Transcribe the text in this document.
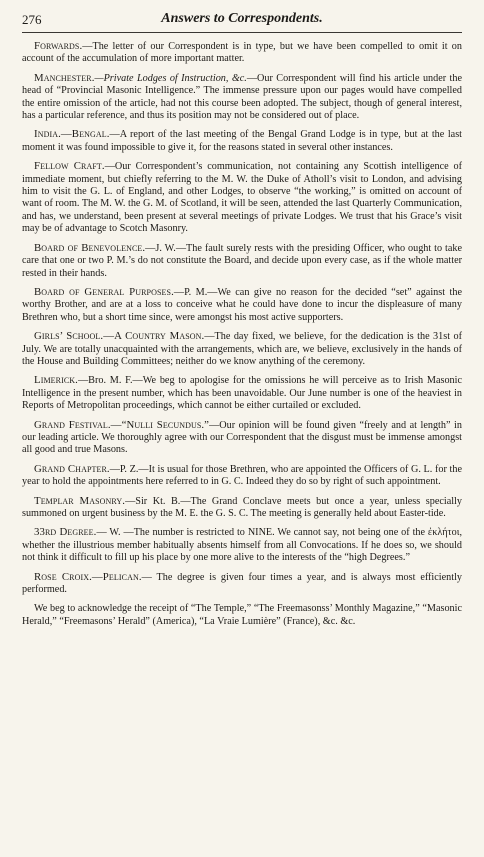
276	Answers to Correspondents.

Forwards.—The letter of our Correspondent is in type, but we have been compelled to omit it on account of the accumulation of more important matter.

Manchester.—Private Lodges of Instruction, &c.—Our Correspondent will find his article under the head of “Provincial Masonic Intelligence.” The immense pressure upon our pages would have compelled the entire omission of the article, had not this course been adopted. The subject, though of general interest, has a particular reference, and thus its position may not be considered out of place.

India.—Bengal.—A report of the last meeting of the Bengal Grand Lodge is in type, but at the last moment it was found impossible to give it, for the reasons stated in several other instances.

Fellow Craft.—Our Correspondent’s communication, not containing any Scottish intelligence of immediate moment, but chiefly referring to the M. W. the Duke of Atholl’s visit to London, and advising him to visit the G. L. of England, and other Lodges, to observe “the working,” is omitted on account of want of room. The M. W. the G. M. of Scotland, it will be seen, attended the last Quarterly Communication, and has, we understand, been present at several meetings of private Lodges. We trust that his Grace’s visit may be of advantage to Scotch Masonry.

Board of Benevolence.—J. W.—The fault surely rests with the presiding Officer, who ought to take care that one or two P. M.’s do not constitute the Board, and decide upon every case, as if the whole matter rested in their hands.

Board of General Purposes.—P. M.—We can give no reason for the decided “set” against the worthy Brother, and are at a loss to conceive what he could have done to incur the displeasure of many Brethren who, but a short time since, were amongst his most active supporters.

Girls’ School.—A Country Mason.—The day fixed, we believe, for the dedication is the 31st of July. We are totally unacquainted with the arrangements, which are, we believe, exclusively in the hands of the House and Building Committees; neither do we know anything of the ceremony.

Limerick.—Bro. M. F.—We beg to apologise for the omissions he will perceive as to Irish Masonic Intelligence in the present number, which has been unavoidable. Our June number is one of the heaviest in Reports of Metropolitan proceedings, which cannot be either curtailed or excluded.

Grand Festival.—“Nulli Secundus.”—Our opinion will be found given “freely and at length” in our leading article. We thoroughly agree with our Correspondent that the disgust must be immense amongst all good and true Masons.

Grand Chapter.—P. Z.—It is usual for those Brethren, who are appointed the Officers of G. L. for the year to hold the appointments here referred to in G. C. Indeed they do so by right of such appointment.

Templar Masonry.—Sir Kt. B.—The Grand Conclave meets but once a year, unless specially summoned on urgent business by the M. E. the G. S. C. The meeting is generally held about Easter-tide.

33rd Degree.— W. —The number is restricted to NINE. We cannot say, not being one of the ἐκλήτοι, whether the illustrious member habitually absents himself from all Convocations. If he does so, we should not think it difficult to fill up his place by one more alive to the interests of the “high Degrees.”

Rose Croix.—Pelican.— The degree is given four times a year, and is always most efficiently performed.

We beg to acknowledge the receipt of “The Temple,” “The Freemasonss’ Monthly Magazine,” “Masonic Herald,” “Freemasons’ Herald” (America), “La Vraie Lumière” (France), &c. &c.
